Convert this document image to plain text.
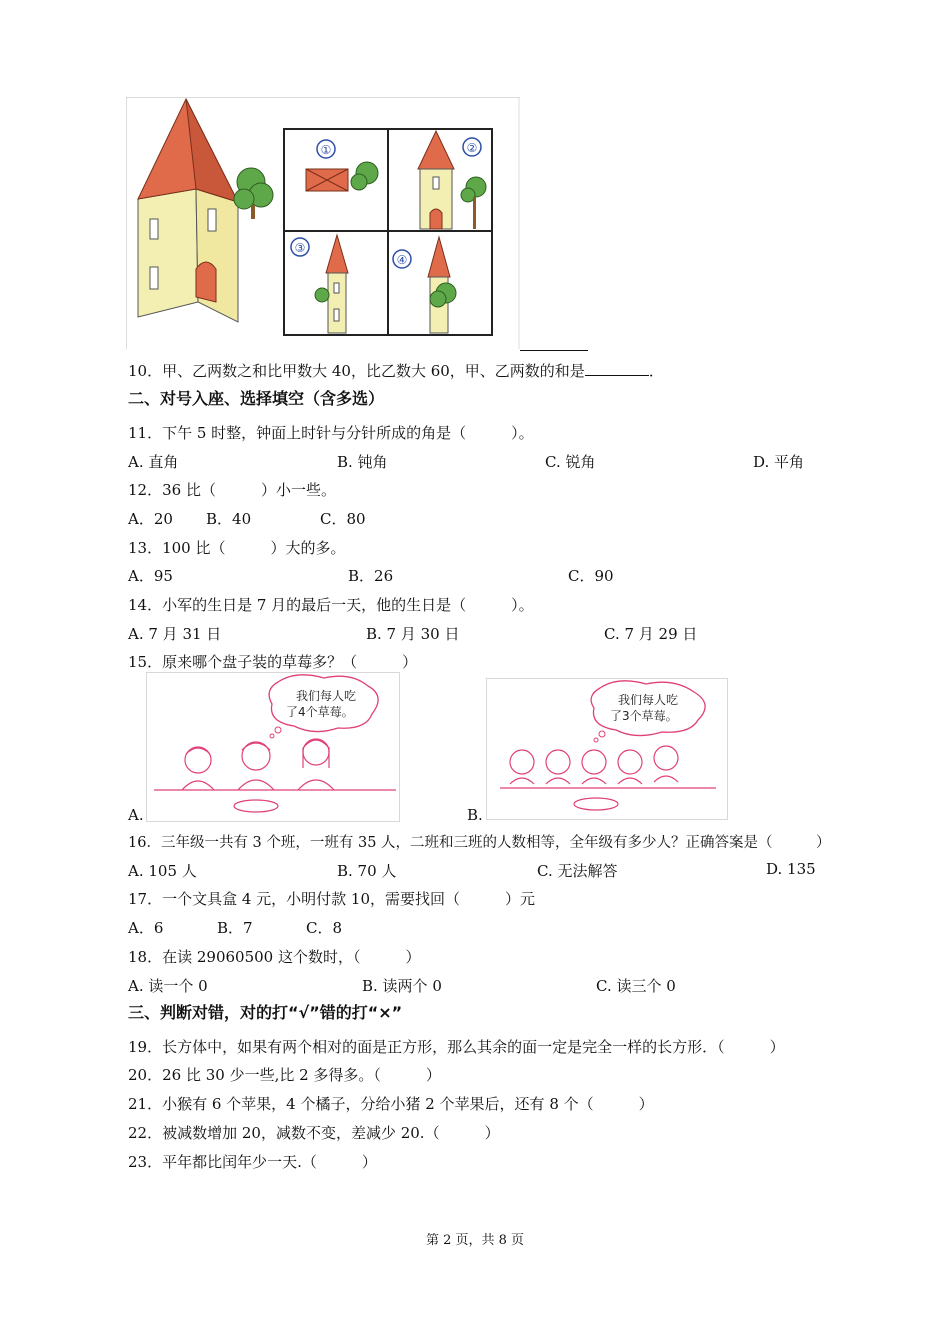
①	②
③
④
10．甲、乙两数之和比甲数大 40，比乙数大 60，甲、乙两数的和是	．
二、对号入座、选择填空（含多选）
11．下午 5 时整，钟面上时针与分针所成的角是（　　　）。
A. 直角	B. 钝角	C. 锐角	D. 平角
12．36 比（　　　）小一些。
A．20 B．40	C．80
13．100 比（　　　）大的多。
A．95	B．26	C．90
14．小军的生日是 7 月的最后一天，他的生日是（　　　）。
A. 7 月 31 日	B. 7 月 30 日	C. 7 月 29 日
15．原来哪个盘子装的草莓多？（　　　）
我们每人吃
了4个草莓。
A.
我们每人吃
了3个草莓。
B.
16．三年级一共有 3 个班，一班有 35 人，二班和三班的人数相等，全年级有多少人？正确答案是（　　　）
A. 105 人	B. 70 人	C. 无法解答	D. 135
17．一个文具盒 4 元，小明付款 10，需要找回（　　　）元
A．6	B．7	C．8
18．在读 29060500 这个数时，（　　　）
A. 读一个 0	B. 读两个 0	C. 读三个 0
三、判断对错，对的打“√”错的打“×”
19．长方体中，如果有两个相对的面是正方形，那么其余的面一定是完全一样的长方形．（　　　）
20．26 比 30 少一些,比 2 多得多。（　　　）
21．小猴有 6 个苹果，4 个橘子，分给小猪 2 个苹果后，还有 8 个（　　　）
22．被减数增加 20，减数不变，差减少 20.（　　　）
23．平年都比闰年少一天.（　　　）
第 2 页，共 8 页
